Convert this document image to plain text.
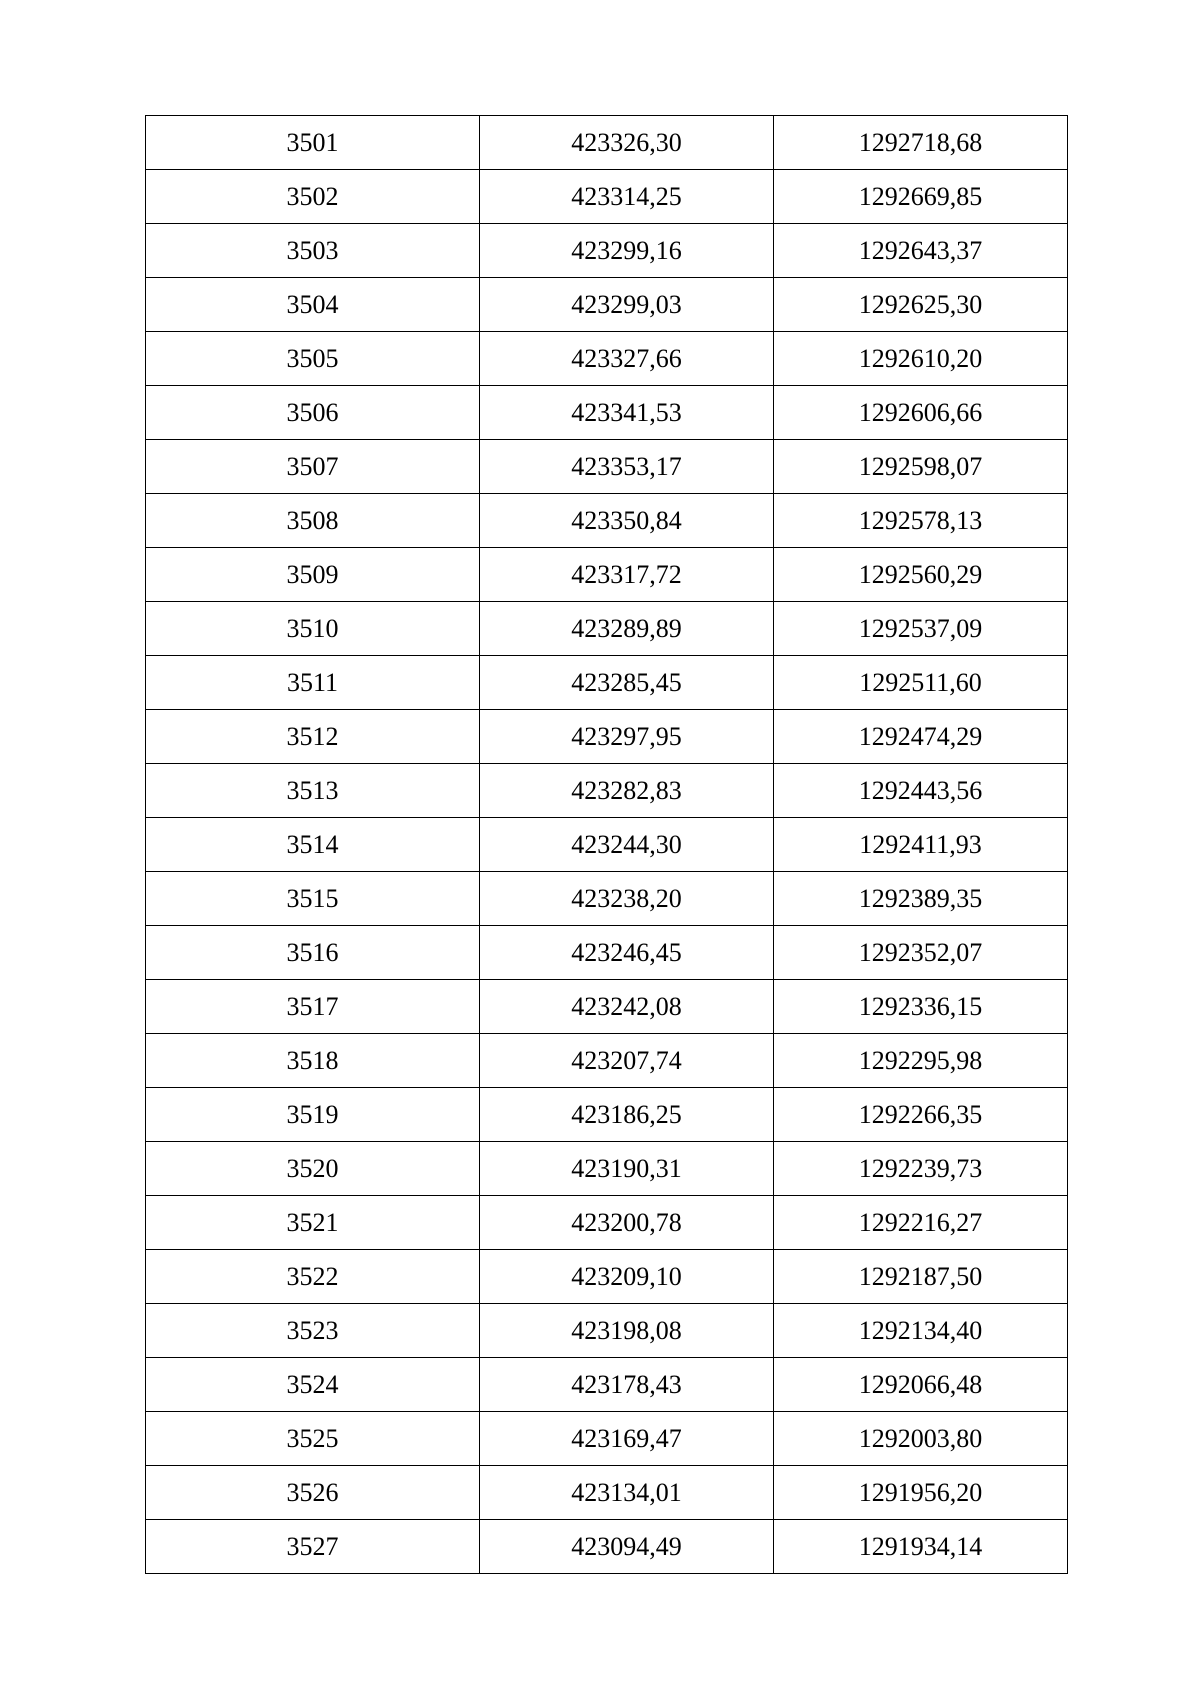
3501	423326,30	1292718,68
3502	423314,25	1292669,85
3503	423299,16	1292643,37
3504	423299,03	1292625,30
3505	423327,66	1292610,20
3506	423341,53	1292606,66
3507	423353,17	1292598,07
3508	423350,84	1292578,13
3509	423317,72	1292560,29
3510	423289,89	1292537,09
3511	423285,45	1292511,60
3512	423297,95	1292474,29
3513	423282,83	1292443,56
3514	423244,30	1292411,93
3515	423238,20	1292389,35
3516	423246,45	1292352,07
3517	423242,08	1292336,15
3518	423207,74	1292295,98
3519	423186,25	1292266,35
3520	423190,31	1292239,73
3521	423200,78	1292216,27
3522	423209,10	1292187,50
3523	423198,08	1292134,40
3524	423178,43	1292066,48
3525	423169,47	1292003,80
3526	423134,01	1291956,20
3527	423094,49	1291934,14
